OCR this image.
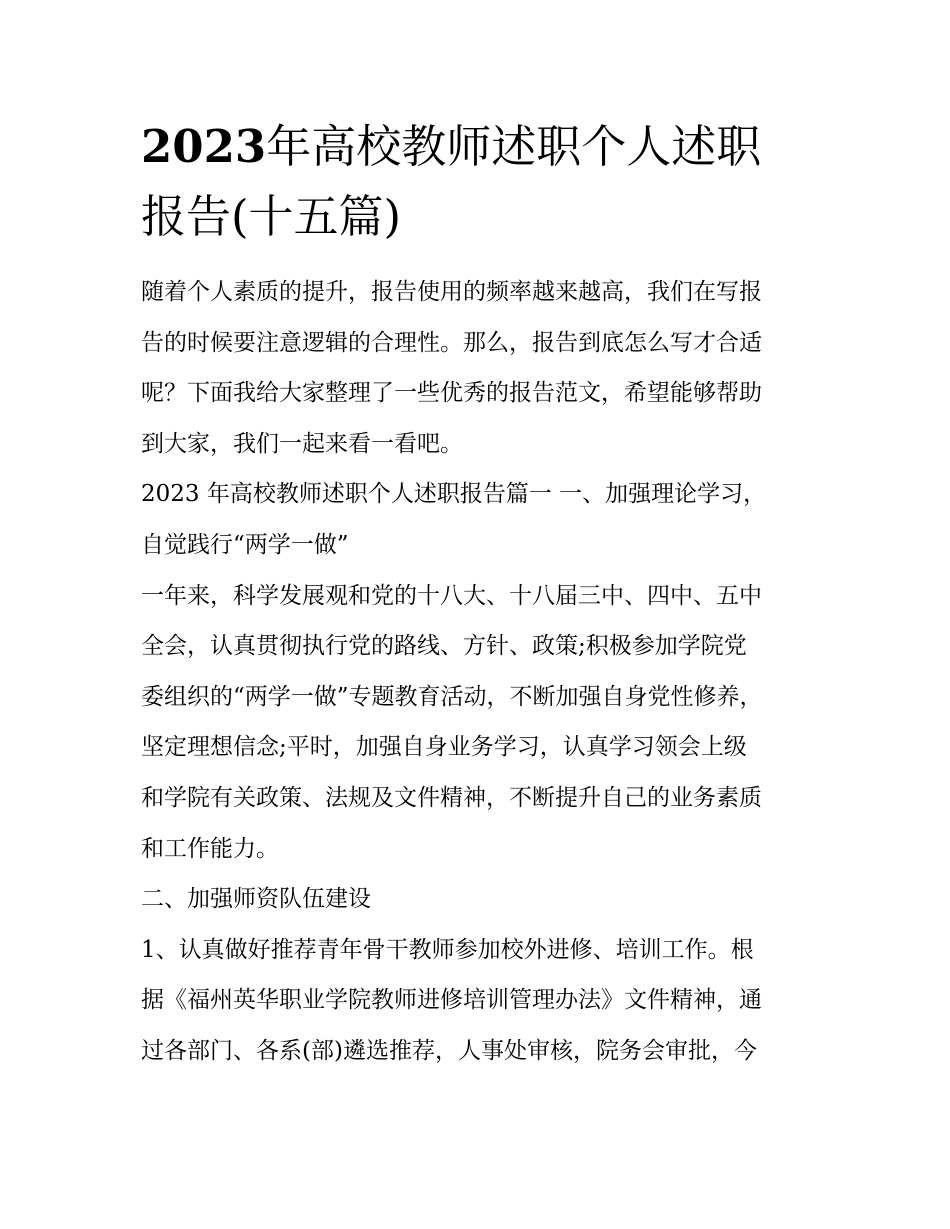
2023年高校教师述职个人述职
报告(十五篇)
随着个人素质的提升，报告使用的频率越来越高，我们在写报
告的时候要注意逻辑的合理性。那么，报告到底怎么写才合适
呢？下面我给大家整理了一些优秀的报告范文，希望能够帮助
到大家，我们一起来看一看吧。
2023 年高校教师述职个人述职报告篇一 一、加强理论学习，
自觉践行“两学一做”
一年来，科学发展观和党的十八大、十八届三中、四中、五中
全会，认真贯彻执行党的路线、方针、政策;积极参加学院党
委组织的“两学一做”专题教育活动，不断加强自身党性修养，
坚定理想信念;平时，加强自身业务学习，认真学习领会上级
和学院有关政策、法规及文件精神，不断提升自己的业务素质
和工作能力。
二、加强师资队伍建设
1、认真做好推荐青年骨干教师参加校外进修、培训工作。根
据《福州英华职业学院教师进修培训管理办法》文件精神，通
过各部门、各系(部)遴选推荐，人事处审核，院务会审批，今
